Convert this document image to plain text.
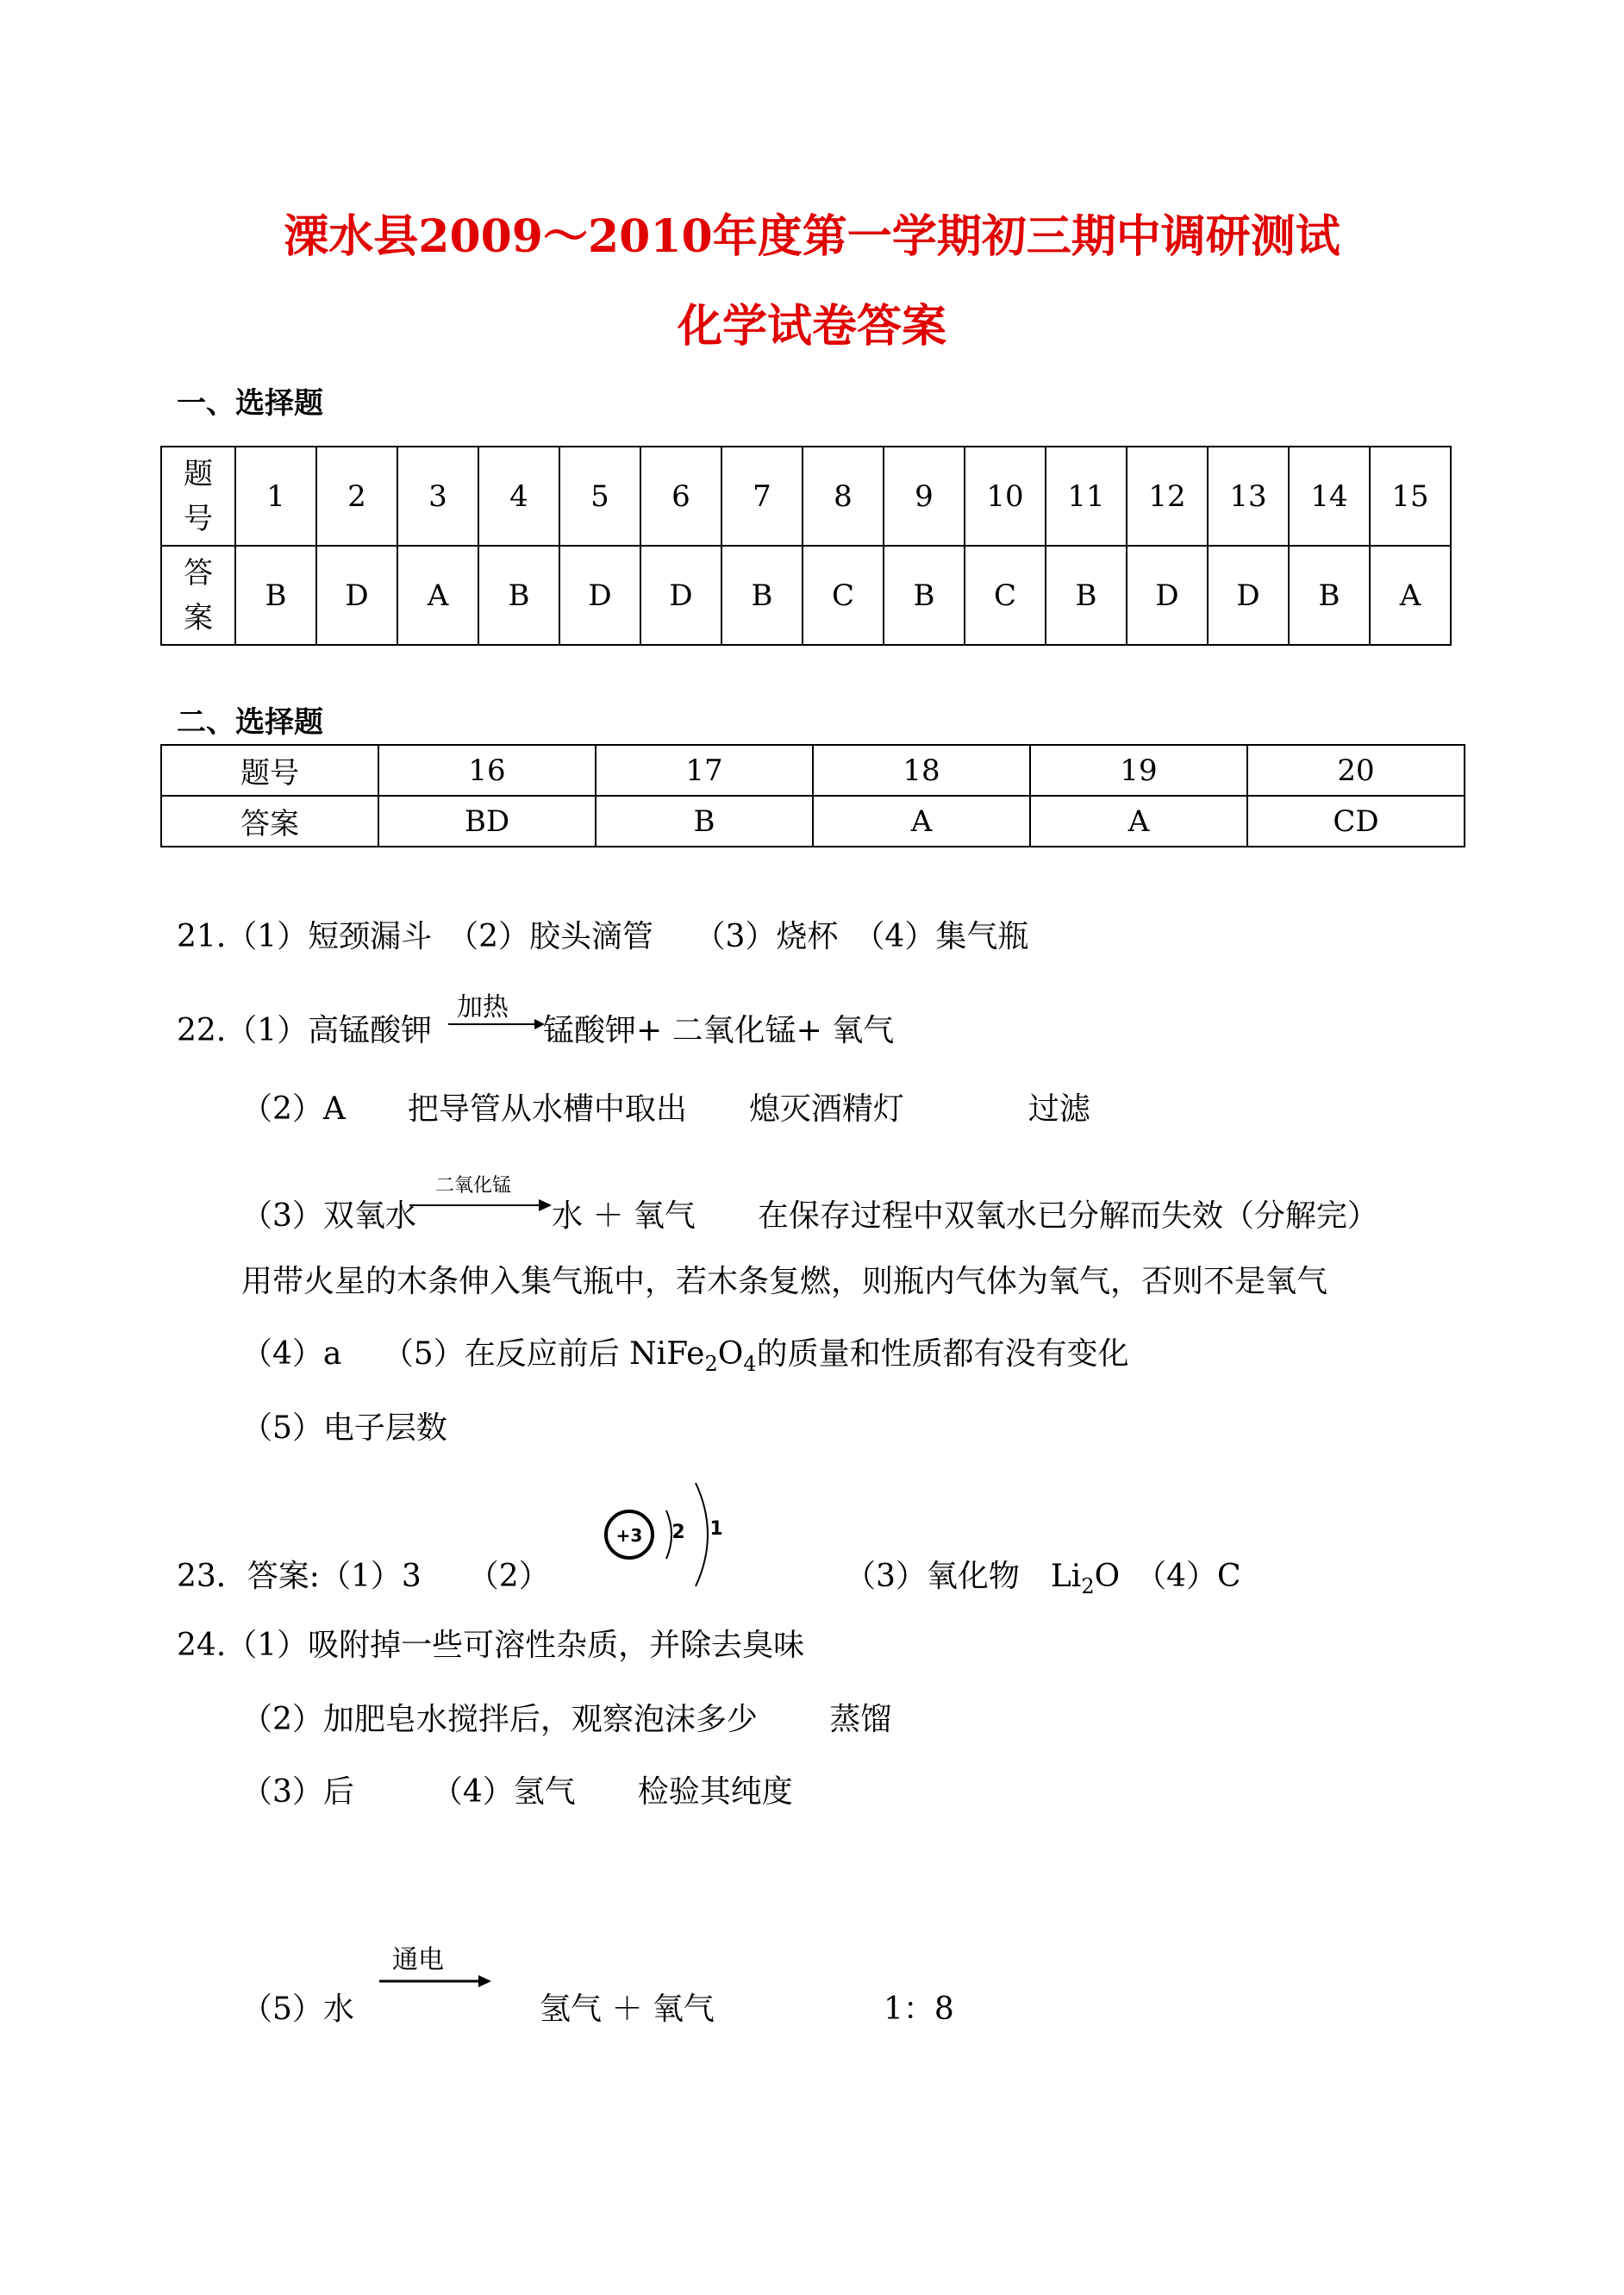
溧水县2009～2010年度第一学期初三期中调研测试
化学试卷答案
一、选择题
题号	1	2	3	4	5	6	7	8	9	10	11	12	13	14	15
答案	B	D	A	B	D	D	B	C	B	C	B	D	D	B	A
二、选择题
题号	16	17	18	19	20
答案	BD	B	A	A	CD
21.（1）短颈漏斗　（2）胶头滴管　 （3）烧杯　（4）集气瓶
22.（1）高锰酸钾
加热
锰酸钾+ 二氧化锰+ 氧气
（2）A　　把导管从水槽中取出　　熄灭酒精灯　　　　过滤
（3）双氧水
二氧化锰
水 ＋ 氧气　　在保存过程中双氧水已分解而失效（分解完）
用带火星的木条伸入集气瓶中，若木条复燃，则瓶内气体为氧气，否则不是氧气
（4）a　 （5）在反应前后 $NiFe_2O_4$的质量和性质都有没有变化
（5）电子层数
23．答案:（1）3　　（2）
+3 2 1
（3）氧化物　$Li_2O$　（4）C
24.（1）吸附掉一些可溶性杂质，并除去臭味
（2）加肥皂水搅拌后，观察泡沫多少　　 蒸馏
（3）后　　　（4）氢气　　检验其纯度
（5）水
通电
氢气 ＋ 氧气	1：8
